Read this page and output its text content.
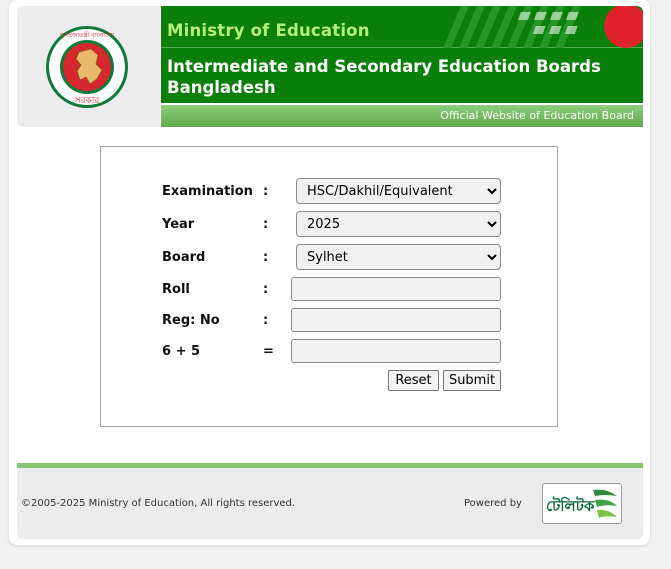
সরকার
গণপ্রজাতন্ত্রী বাংলাদেশ	Ministry of Education
Intermediate and Secondary Education Boards Bangladesh
Official Website of Education Board
Examination :
HSC/Dakhil/Equivalent
Year	:
2025
Board	:
Sylhet
Roll	:
Reg: No	:
6 + 5	=
Reset	Submit
©2005-2025 Ministry of Education, All rights reserved.	Powered by টেলিটক
